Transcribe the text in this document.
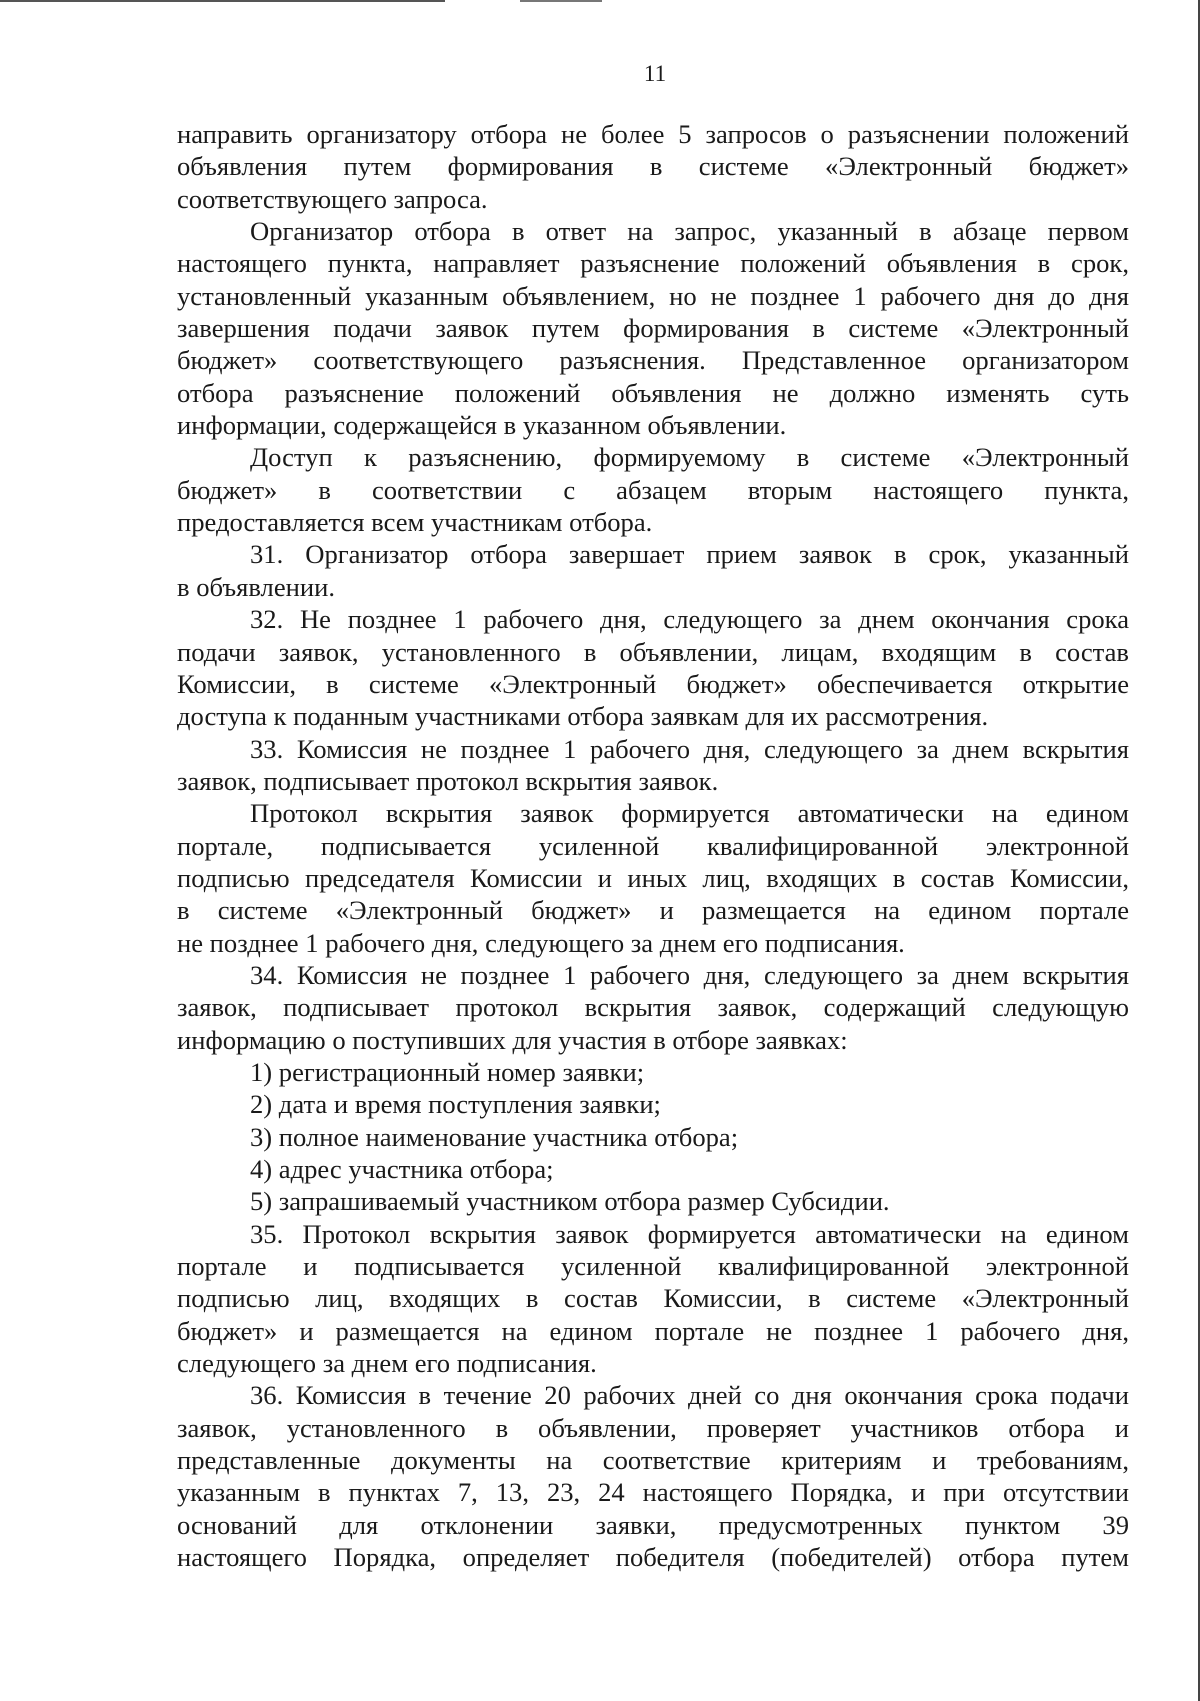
11

направить организатору отбора не более 5 запросов о разъяснении положений

объявления путем формирования в системе «Электронный бюджет»

соответствующего запроса.

Организатор отбора в ответ на запрос, указанный в абзаце первом

настоящего пункта, направляет разъяснение положений объявления в срок,

установленный указанным объявлением, но не позднее 1 рабочего дня до дня

завершения подачи заявок путем формирования в системе «Электронный

бюджет» соответствующего разъяснения. Представленное организатором

отбора разъяснение положений объявления не должно изменять суть

информации, содержащейся в указанном объявлении.

Доступ к разъяснению, формируемому в системе «Электронный

бюджет» в соответствии с абзацем вторым настоящего пункта,

предоставляется всем участникам отбора.

31. Организатор отбора завершает прием заявок в срок, указанный

в объявлении.

32. Не позднее 1 рабочего дня, следующего за днем окончания срока

подачи заявок, установленного в объявлении, лицам, входящим в состав

Комиссии, в системе «Электронный бюджет» обеспечивается открытие

доступа к поданным участниками отбора заявкам для их рассмотрения.

33. Комиссия не позднее 1 рабочего дня, следующего за днем вскрытия

заявок, подписывает протокол вскрытия заявок.

Протокол вскрытия заявок формируется автоматически на едином

портале, подписывается усиленной квалифицированной электронной

подписью председателя Комиссии и иных лиц, входящих в состав Комиссии,

в системе «Электронный бюджет» и размещается на едином портале

не позднее 1 рабочего дня, следующего за днем его подписания.

34. Комиссия не позднее 1 рабочего дня, следующего за днем вскрытия

заявок, подписывает протокол вскрытия заявок, содержащий следующую

информацию о поступивших для участия в отборе заявках:

1) регистрационный номер заявки;

2) дата и время поступления заявки;

3) полное наименование участника отбора;

4) адрес участника отбора;

5) запрашиваемый участником отбора размер Субсидии.

35. Протокол вскрытия заявок формируется автоматически на едином

портале и подписывается усиленной квалифицированной электронной

подписью лиц, входящих в состав Комиссии, в системе «Электронный

бюджет» и размещается на едином портале не позднее 1 рабочего дня,

следующего за днем его подписания.

36. Комиссия в течение 20 рабочих дней со дня окончания срока подачи

заявок, установленного в объявлении, проверяет участников отбора и

представленные документы на соответствие критериям и требованиям,

указанным в пунктах 7, 13, 23, 24 настоящего Порядка, и при отсутствии

оснований для отклонении заявки, предусмотренных пунктом 39

настоящего Порядка, определяет победителя (победителей) отбора путем
